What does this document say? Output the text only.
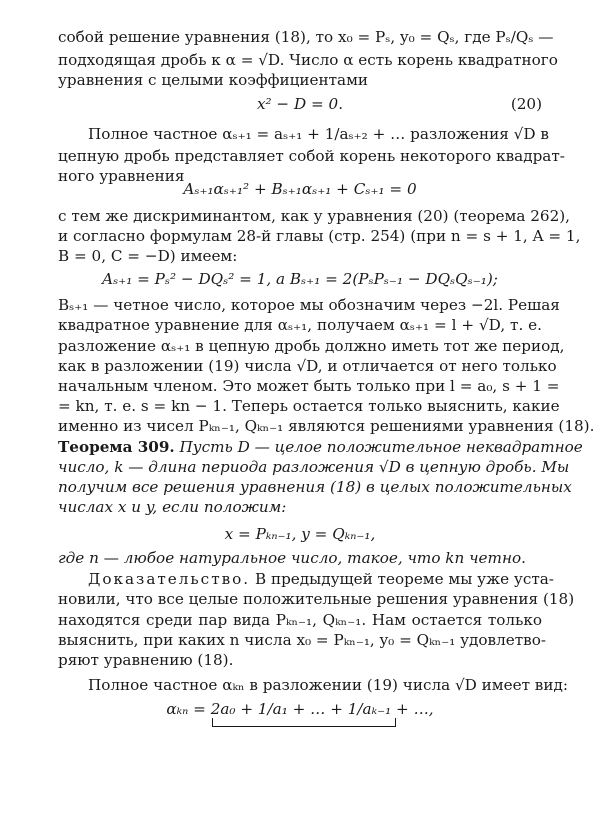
собой решение уравнения (18), то x₀ = Pₛ, y₀ = Qₛ, где Pₛ/Qₛ —
подходящая дробь к α = √D. Число α есть корень квадратного
уравнения с целыми коэффициентами
x² − D = 0.	(20)
Полное частное αₛ₊₁ = aₛ₊₁ + 1/aₛ₊₂ + … разложения √D в
цепную дробь представляет собой корень некоторого квадрат-
ного уравнения
Aₛ₊₁αₛ₊₁² + Bₛ₊₁αₛ₊₁ + Cₛ₊₁ = 0
с тем же дискриминантом, как у уравнения (20) (теорема 262),
и согласно формулам 28-й главы (стр. 254) (при n = s + 1, A = 1,
B = 0, C = −D) имеем:
Aₛ₊₁ = Pₛ² − DQₛ² = 1, а Bₛ₊₁ = 2(PₛPₛ₋₁ − DQₛQₛ₋₁);
Bₛ₊₁ — четное число, которое мы обозначим через −2l. Решая
квадратное уравнение для αₛ₊₁, получаем αₛ₊₁ = l + √D, т. е.
разложение αₛ₊₁ в цепную дробь должно иметь тот же период,
как в разложении (19) числа √D, и отличается от него только
начальным членом. Это может быть только при l = a₀, s + 1 =
= kn, т. е. s = kn − 1. Теперь остается только выяснить, какие
именно из чисел Pₖₙ₋₁, Qₖₙ₋₁ являются решениями уравнения (18).
Теорема 309. Пусть D — целое положительное неквадратное
число, k — длина периода разложения √D в цепную дробь. Мы
получим все решения уравнения (18) в целых положительных
числах x и y, если положим:
x = Pₖₙ₋₁, y = Qₖₙ₋₁,
где n — любое натуральное число, такое, что kn четно.
Доказательство. В предыдущей теореме мы уже уста-
новили, что все целые положительные решения уравнения (18)
находятся среди пар вида Pₖₙ₋₁, Qₖₙ₋₁. Нам остается только
выяснить, при каких n числа x₀ = Pₖₙ₋₁, y₀ = Qₖₙ₋₁ удовлетво-
ряют уравнению (18).
Полное частное αₖₙ в разложении (19) числа √D имеет вид:
αₖₙ = 2a₀ + 1/a₁ + … + 1/aₖ₋₁ + …,
